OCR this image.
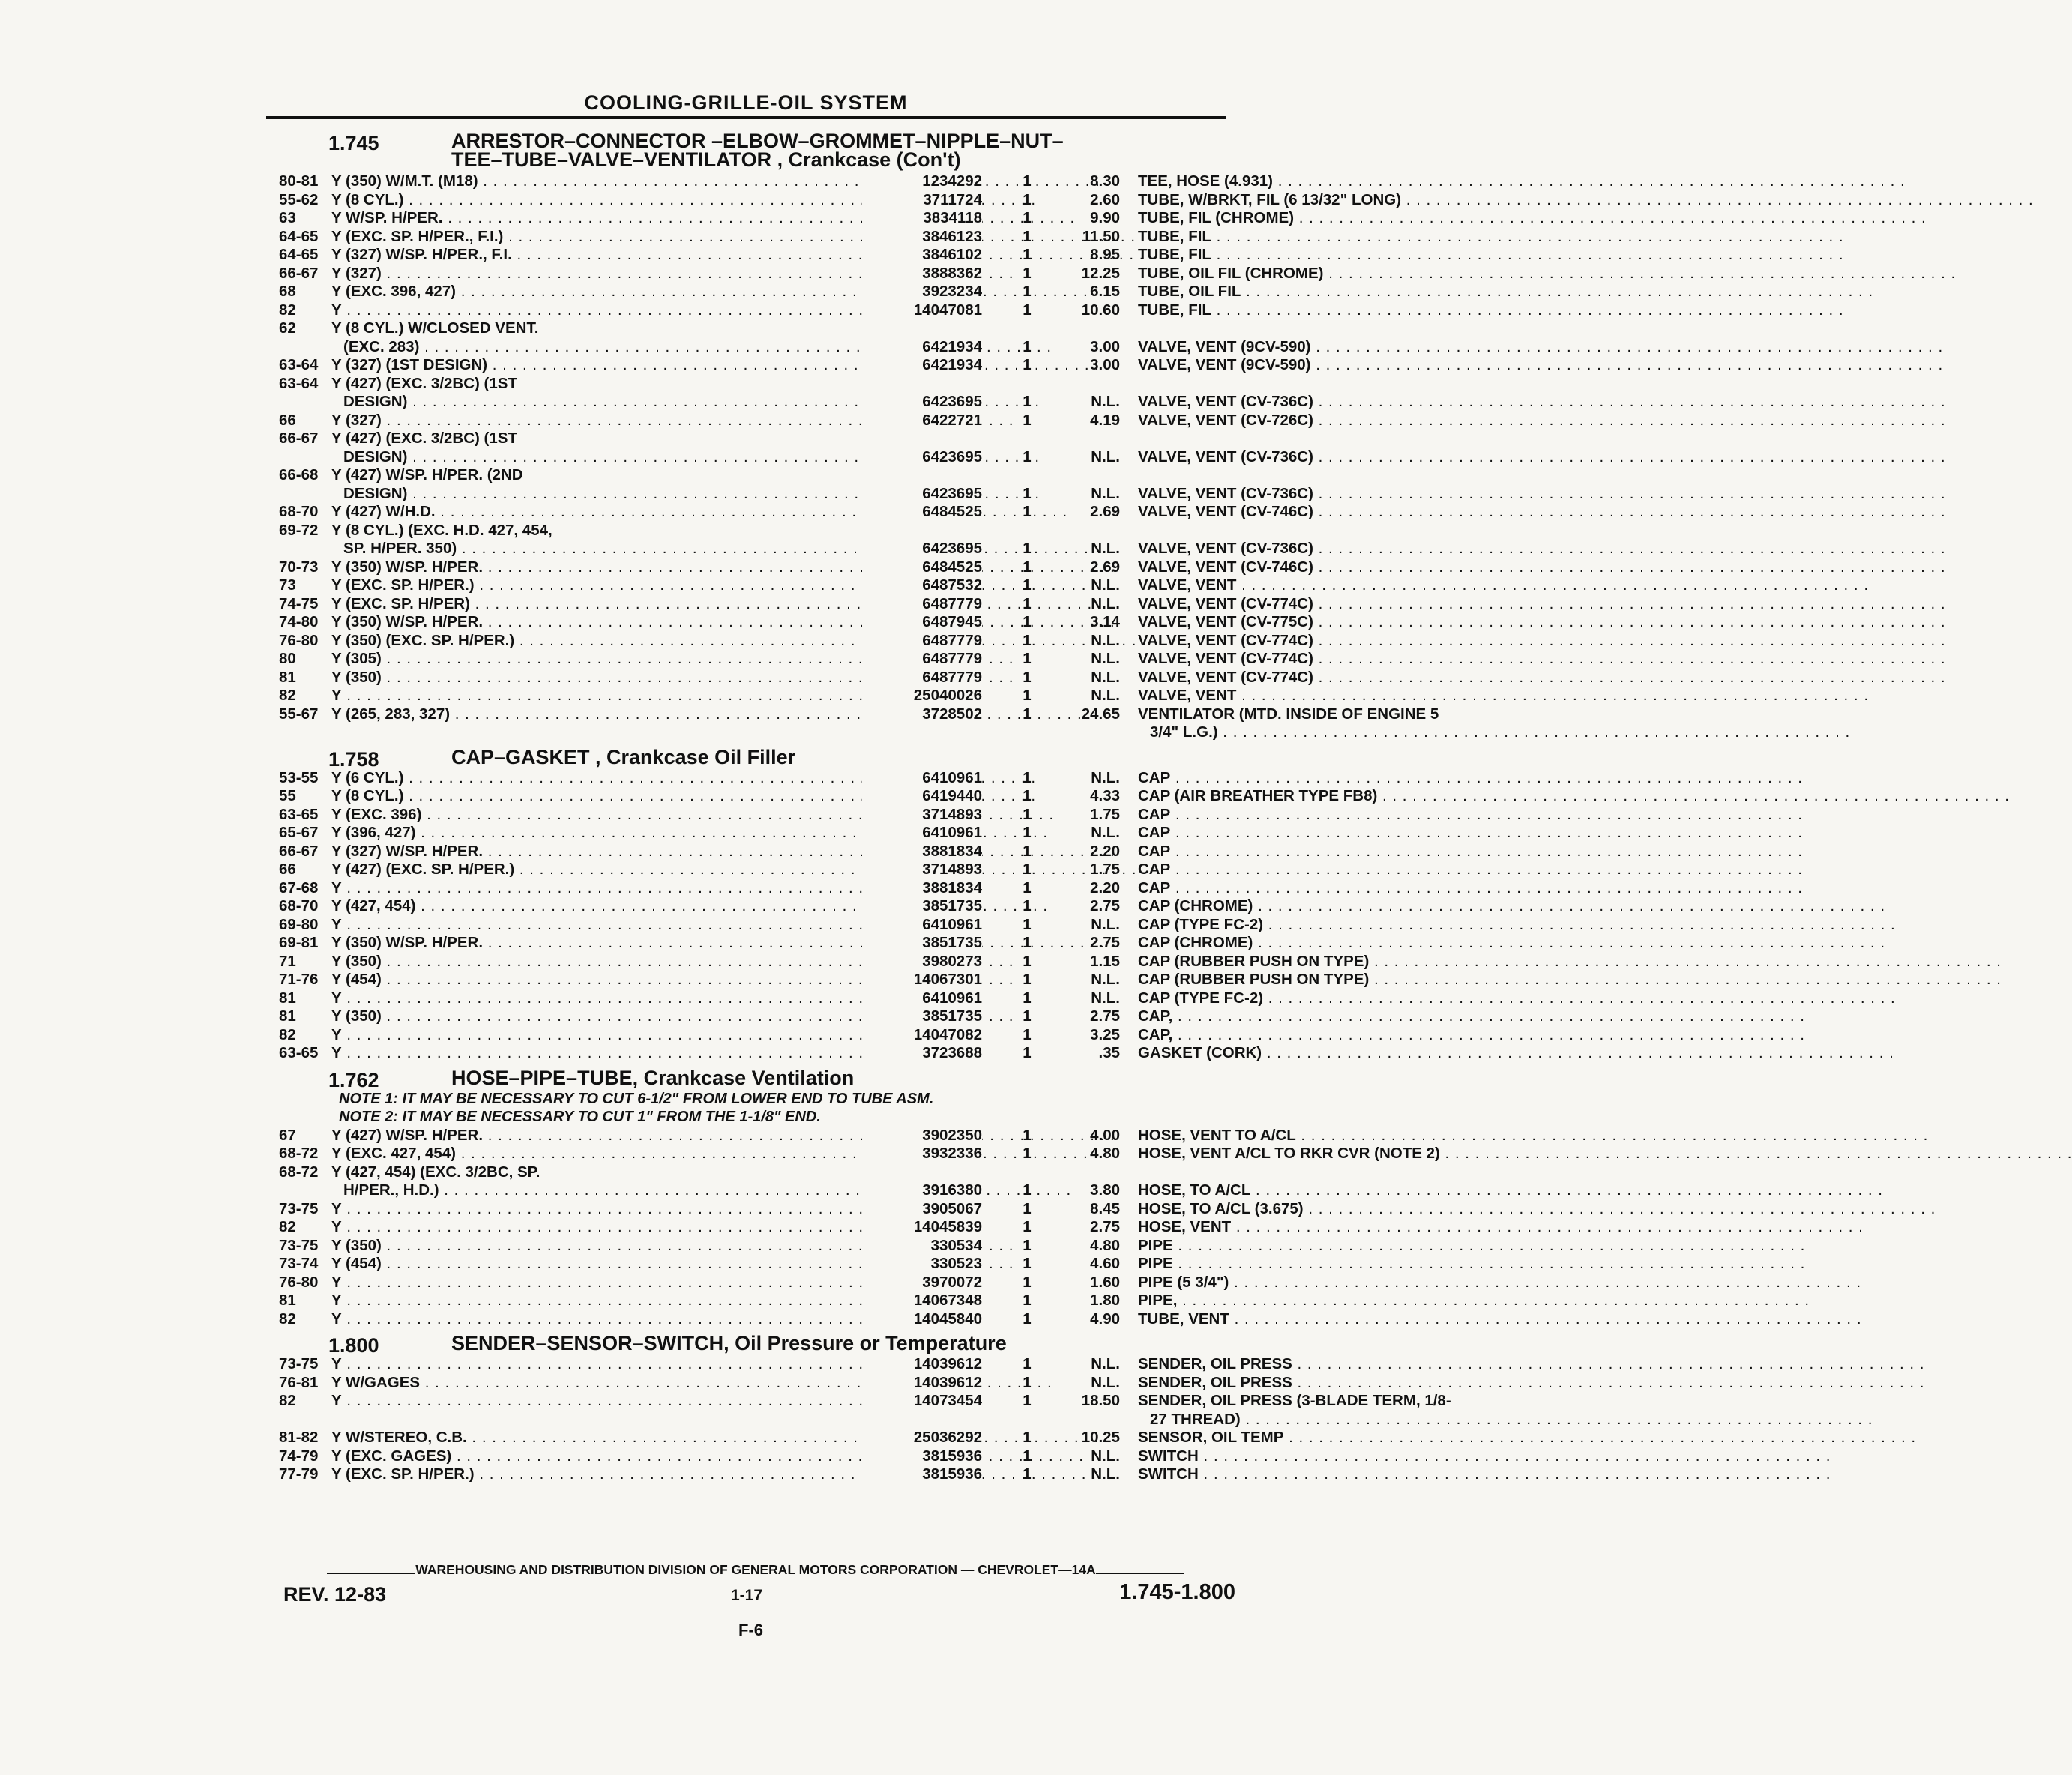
COOLING-GRILLE-OIL SYSTEM
1.745	ARRESTOR–CONNECTOR –ELBOW–GROMMET–NIPPLE–NUT–
TEE–TUBE–VALVE–VENTILATOR , Crankcase (Con't)
80-81 Y (350) W/M.T. (M18) . . .	1234292	1	8.30 TEE, HOSE (4.931) . . .
55-62 Y (8 CYL.) . . .	3711724	1	2.60 TUBE, W/BRKT, FIL (6 13/32" LONG) . . .
63	Y W/SP. H/PER. . . .	3834118	1	9.90 TUBE, FIL (CHROME) . . .
64-65 Y (EXC. SP. H/PER., F.I.) . . .	3846123	1	11.50 TUBE, FIL . . .
64-65 Y (327) W/SP. H/PER., F.I. . . .	3846102	1	8.95 TUBE, FIL . . .
66-67 Y (327) . . .	3888362	1	12.25 TUBE, OIL FIL (CHROME) . . .
68	Y (EXC. 396, 427) . . .	3923234	1	6.15 TUBE, OIL FIL . . .
82	Y . . .	14047081	1	10.60 TUBE, FIL . . .
62	Y (8 CYL.) W/CLOSED VENT.
(EXC. 283) . . .	6421934	1	3.00 VALVE, VENT (9CV-590) . . .
63-64 Y (327) (1ST DESIGN) . . .	6421934	1	3.00 VALVE, VENT (9CV-590) . . .
63-64 Y (427) (EXC. 3/2BC) (1ST
DESIGN) . . .	6423695	1	N.L. VALVE, VENT (CV-736C) . . .
66	Y (327) . . .	6422721	1	4.19 VALVE, VENT (CV-726C) . . .
66-67 Y (427) (EXC. 3/2BC) (1ST
DESIGN) . . .	6423695	1	N.L. VALVE, VENT (CV-736C) . . .
66-68 Y (427) W/SP. H/PER. (2ND
DESIGN) . . .	6423695	1	N.L. VALVE, VENT (CV-736C) . . .
68-70 Y (427) W/H.D. . . .	6484525	1	2.69 VALVE, VENT (CV-746C) . . .
69-72 Y (8 CYL.) (EXC. H.D. 427, 454,
SP. H/PER. 350) . . .	6423695	1	N.L. VALVE, VENT (CV-736C) . . .
70-73 Y (350) W/SP. H/PER. . . .	6484525	1	2.69 VALVE, VENT (CV-746C) . . .
73	Y (EXC. SP. H/PER.) . . .	6487532	1	N.L. VALVE, VENT . . .
74-75 Y (EXC. SP. H/PER) . . .	6487779	1	N.L. VALVE, VENT (CV-774C) . . .
74-80 Y (350) W/SP. H/PER. . . .	6487945	1	3.14 VALVE, VENT (CV-775C) . . .
76-80 Y (350) (EXC. SP. H/PER.) . . .	6487779	1	N.L. VALVE, VENT (CV-774C) . . .
80	Y (305) . . .	6487779	1	N.L. VALVE, VENT (CV-774C) . . .
81	Y (350) . . .	6487779	1	N.L. VALVE, VENT (CV-774C) . . .
82	Y . . .	25040026	1	N.L. VALVE, VENT . . .
55-67 Y (265, 283, 327) . . .	3728502	1	24.65 VENTILATOR (MTD. INSIDE OF ENGINE 5
3/4" L.G.) . . .
1.758	CAP–GASKET , Crankcase Oil Filler
53-55 Y (6 CYL.) . . .	6410961	1	N.L. CAP . . .
55	Y (8 CYL.) . . .	6419440	1	4.33 CAP (AIR BREATHER TYPE FB8) . . .
63-65 Y (EXC. 396) . . .	3714893	1	1.75 CAP . . .
65-67 Y (396, 427) . . .	6410961	1	N.L. CAP . . .
66-67 Y (327) W/SP. H/PER. . . .	3881834	1	2.20 CAP . . .
66	Y (427) (EXC. SP. H/PER.) . . .	3714893	1	1.75 CAP . . .
67-68 Y . . .	3881834	1	2.20 CAP . . .
68-70 Y (427, 454) . . .	3851735	1	2.75 CAP (CHROME) . . .
69-80 Y . . .	6410961	1	N.L. CAP (TYPE FC-2) . . .
69-81 Y (350) W/SP. H/PER. . . .	3851735	1	2.75 CAP (CHROME) . . .
71	Y (350) . . .	3980273	1	1.15 CAP (RUBBER PUSH ON TYPE) . . .
71-76 Y (454) . . .	14067301	1	N.L. CAP (RUBBER PUSH ON TYPE) . . .
81	Y . . .	6410961	1	N.L. CAP (TYPE FC-2) . . .
81	Y (350) . . .	3851735	1	2.75 CAP, . . .
82	Y . . .	14047082	1	3.25 CAP, . . .
63-65 Y . . .	3723688	1	.35 GASKET (CORK) . . .
1.762	HOSE–PIPE–TUBE, Crankcase Ventilation
NOTE 1: IT MAY BE NECESSARY TO CUT 6-1/2" FROM LOWER END TO TUBE ASM.
NOTE 2: IT MAY BE NECESSARY TO CUT 1" FROM THE 1-1/8" END.
67	Y (427) W/SP. H/PER. . . .	3902350	1	4.00 HOSE, VENT TO A/CL . . .
68-72 Y (EXC. 427, 454) . . .	3932336	1	4.80 HOSE, VENT A/CL TO RKR CVR (NOTE 2) . . .
68-72 Y (427, 454) (EXC. 3/2BC, SP.
H/PER., H.D.) . . .	3916380	1	3.80 HOSE, TO A/CL . . .
73-75 Y . . .	3905067	1	8.45 HOSE, TO A/CL (3.675) . . .
82	Y . . .	14045839	1	2.75 HOSE, VENT . . .
73-75 Y (350) . . .	330534	1	4.80 PIPE . . .
73-74 Y (454) . . .	330523	1	4.60 PIPE . . .
76-80 Y . . .	3970072	1	1.60 PIPE (5 3/4") . . .
81	Y . . .	14067348	1	1.80 PIPE, . . .
82	Y . . .	14045840	1	4.90 TUBE, VENT . . .
1.800	SENDER–SENSOR–SWITCH, Oil Pressure or Temperature
73-75 Y . . .	14039612	1	N.L. SENDER, OIL PRESS . . .
76-81 Y W/GAGES . . .	14039612	1	N.L. SENDER, OIL PRESS . . .
82	Y . . .	14073454	1	18.50 SENDER, OIL PRESS (3-BLADE TERM, 1/8-
27 THREAD) . . .
81-82 Y W/STEREO, C.B. . . .	25036292	1	10.25 SENSOR, OIL TEMP . . .
74-79 Y (EXC. GAGES) . . .	3815936	1	N.L. SWITCH . . .
77-79 Y (EXC. SP. H/PER.) . . .	3815936	1	N.L. SWITCH . . .
WAREHOUSING AND DISTRIBUTION DIVISION OF GENERAL MOTORS CORPORATION — CHEVROLET—14A
REV. 12-83	1-17	1.745-1.800
F-6
